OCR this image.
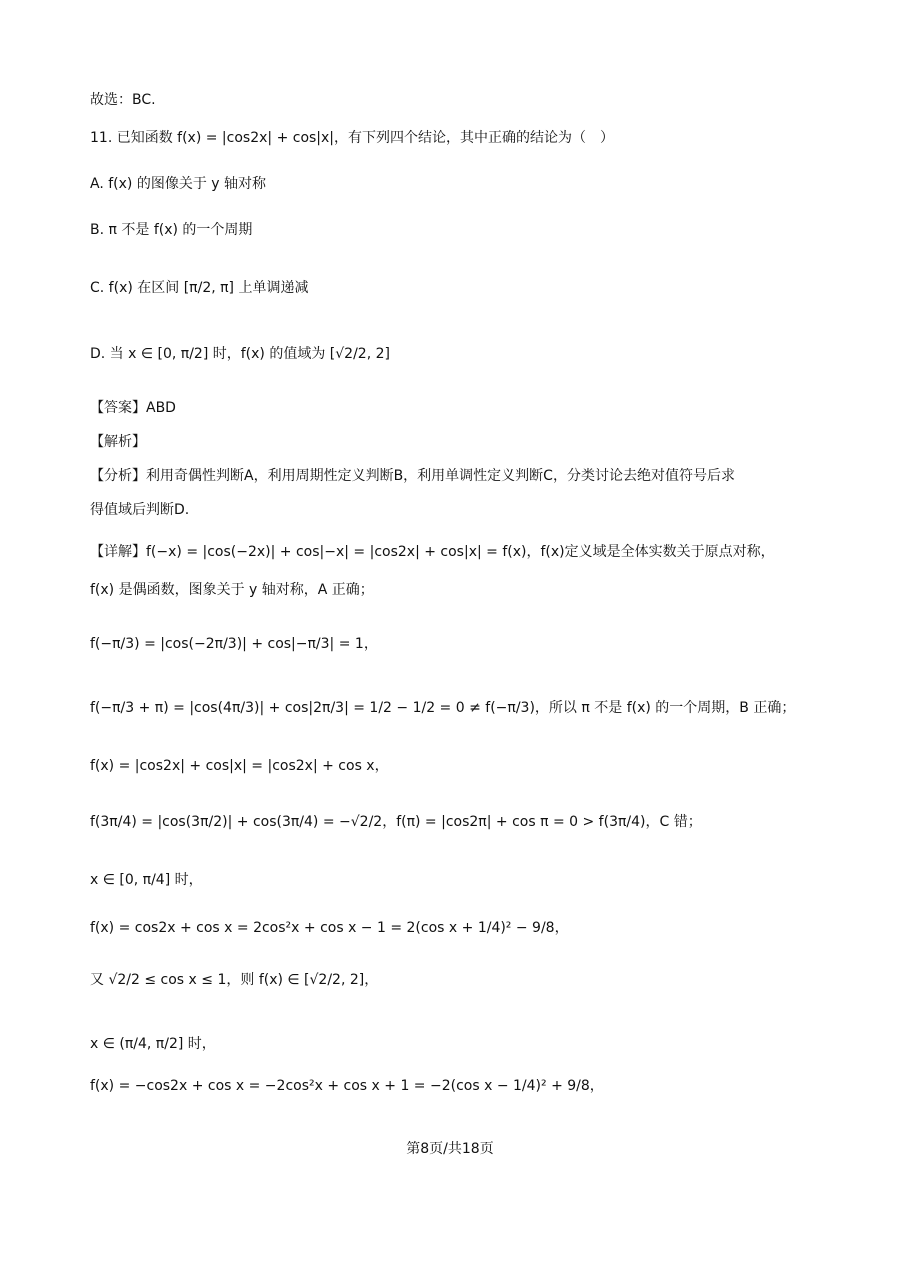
故选：BC.
11. 已知函数 f(x) = |cos2x| + cos|x|，有下列四个结论，其中正确的结论为（　）
A. f(x) 的图像关于 y 轴对称
B. π 不是 f(x) 的一个周期
C. f(x) 在区间 [π/2, π] 上单调递减
D. 当 x ∈ [0, π/2] 时，f(x) 的值域为 [√2/2, 2]
【答案】ABD
【解析】
【分析】利用奇偶性判断A，利用周期性定义判断B，利用单调性定义判断C，分类讨论去绝对值符号后求
得值域后判断D.
【详解】f(−x) = |cos(−2x)| + cos|−x| = |cos2x| + cos|x| = f(x)，f(x)定义域是全体实数关于原点对称，
f(x) 是偶函数，图象关于 y 轴对称，A 正确；
f(−π/3) = |cos(−2π/3)| + cos|−π/3| = 1，
f(−π/3 + π) = |cos(4π/3)| + cos|2π/3| = 1/2 − 1/2 = 0 ≠ f(−π/3)，所以 π 不是 f(x) 的一个周期，B 正确；
f(x) = |cos2x| + cos|x| = |cos2x| + cos x，
f(3π/4) = |cos(3π/2)| + cos(3π/4) = −√2/2，f(π) = |cos2π| + cos π = 0 > f(3π/4)，C 错；
x ∈ [0, π/4] 时，
f(x) = cos2x + cos x = 2cos²x + cos x − 1 = 2(cos x + 1/4)² − 9/8，
又 √2/2 ≤ cos x ≤ 1，则 f(x) ∈ [√2/2, 2]，
x ∈ (π/4, π/2] 时，
f(x) = −cos2x + cos x = −2cos²x + cos x + 1 = −2(cos x − 1/4)² + 9/8，
第8页/共18页
